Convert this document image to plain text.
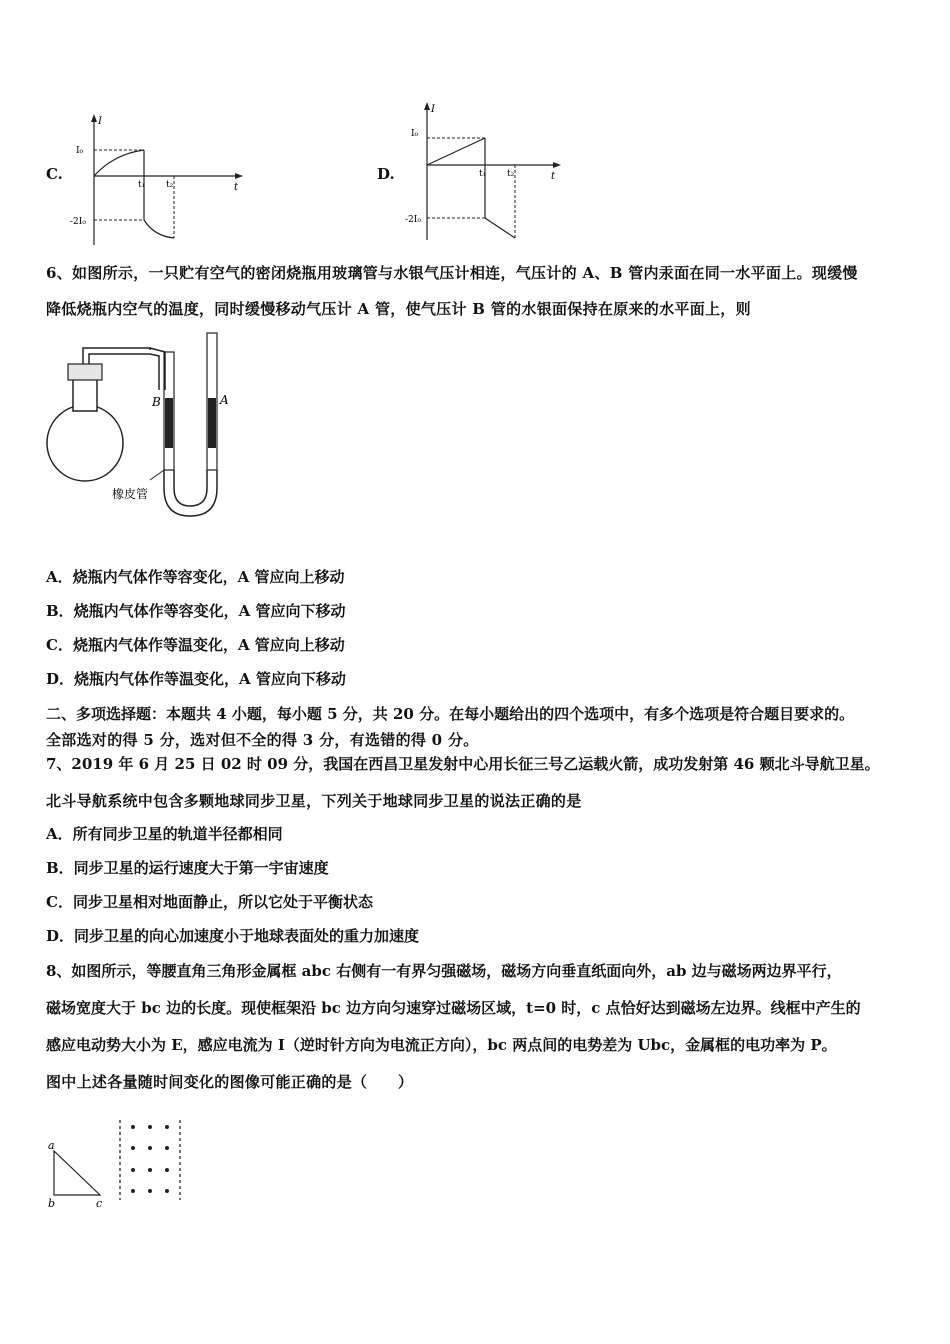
C.
I
t
I₀
t₁ t₂
-2I₀
D.
I
t
I₀
t₁ t₂
-2I₀
6、如图所示，一只贮有空气的密闭烧瓶用玻璃管与水银气压计相连，气压计的 A、B 管内汞面在同一水平面上。现缓慢
降低烧瓶内空气的温度，同时缓慢移动气压计 A 管，使气压计 B 管的水银面保持在原来的水平面上，则
B	A
橡皮管
A．烧瓶内气体作等容变化，A 管应向上移动
B．烧瓶内气体作等容变化，A 管应向下移动
C．烧瓶内气体作等温变化，A 管应向上移动
D．烧瓶内气体作等温变化，A 管应向下移动
二、多项选择题：本题共 4 小题，每小题 5 分，共 20 分。在每小题给出的四个选项中，有多个选项是符合题目要求的。
全部选对的得 5 分，选对但不全的得 3 分，有选错的得 0 分。
7、2019 年 6 月 25 日 02 时 09 分，我国在西昌卫星发射中心用长征三号乙运载火箭，成功发射第 46 颗北斗导航卫星。
北斗导航系统中包含多颗地球同步卫星，下列关于地球同步卫星的说法正确的是
A．所有同步卫星的轨道半径都相同
B．同步卫星的运行速度大于第一宇宙速度
C．同步卫星相对地面静止，所以它处于平衡状态
D．同步卫星的向心加速度小于地球表面处的重力加速度
8、如图所示，等腰直角三角形金属框 abc 右侧有一有界匀强磁场，磁场方向垂直纸面向外，ab 边与磁场两边界平行，
磁场宽度大于 bc 边的长度。现使框架沿 bc 边方向匀速穿过磁场区域，t=0 时，c 点恰好达到磁场左边界。线框中产生的
感应电动势大小为 E，感应电流为 I（逆时针方向为电流正方向），bc 两点间的电势差为 Ubc，金属框的电功率为 P。
图中上述各量随时间变化的图像可能正确的是（　　）
a
b	c
